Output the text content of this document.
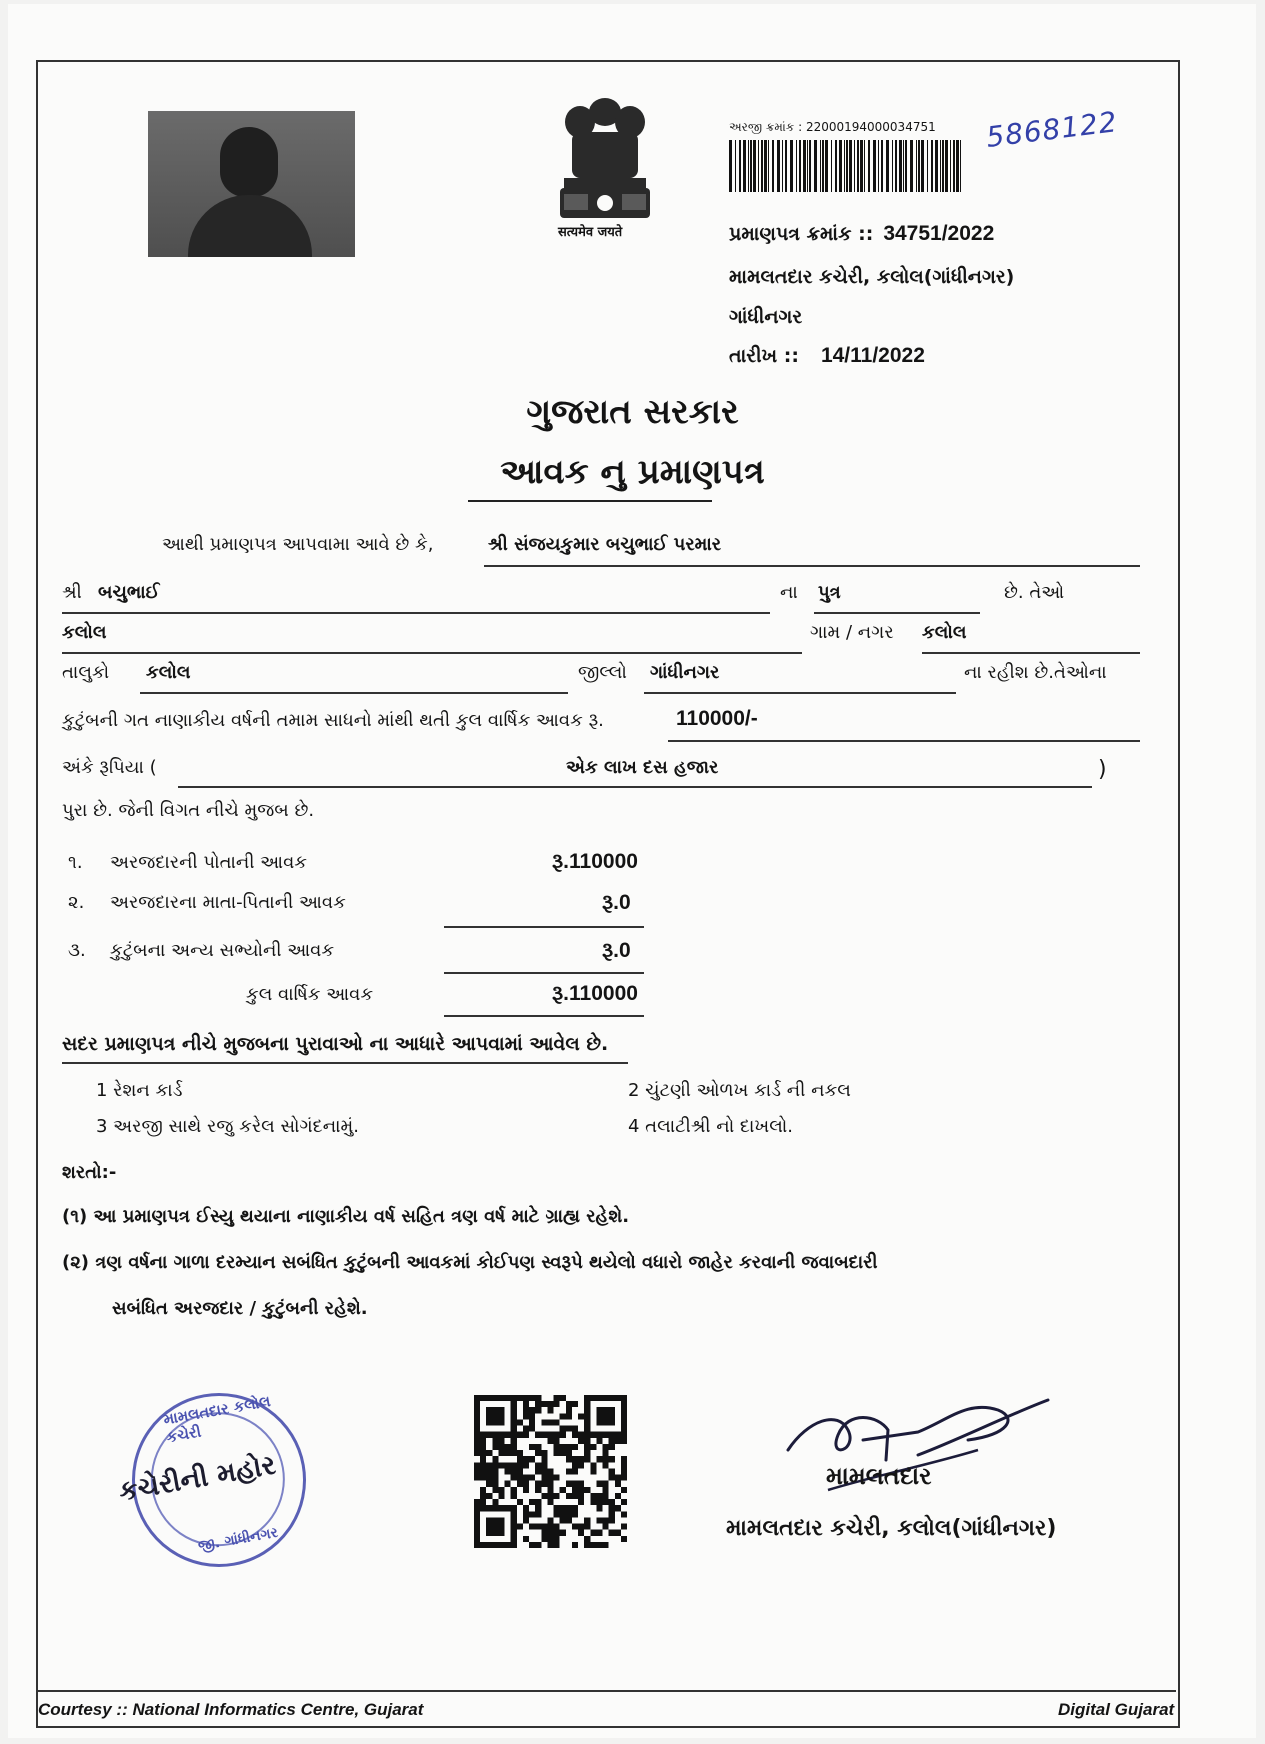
सत्यमेव जयते
અરજી ક્રમાંક : 22000194000034751 5868122
પ્રમાણપત્ર ક્રમાંક :: 34751/2022
મામલતદાર કચેરી, કલોલ(ગાંધીનગર)
ગાંધીનગર
તારીખ :: 14/11/2022
ગુજરાત સરકાર
આવક નુ પ્રમાણપત્ર
આથી પ્રમાણપત્ર આપવામા આવે છે કે,	શ્રી સંજયકુમાર બચુભાઈ પરમાર
શ્રી બચુભાઈ	ના પુત્ર	છે. તેઓ
કલોલ	ગામ / નગર કલોલ
તાલુકો કલોલ	જીલ્લો ગાંધીનગર	ના રહીશ છે.તેઓના
કુટુંબની ગત નાણાકીય વર્ષની તમામ સાધનો માંથી થતી કુલ વાર્ષિક આવક રૂ.	110000/-
અંકે રૂપિયા (	એક લાખ દસ હજાર	)
પુરા છે. જેની વિગત નીચે મુજબ છે.
૧. અરજદારની પોતાની આવક	રૂ.110000
૨. અરજદારના માતા-પિતાની આવક	રૂ.0
૩. કુટુંબના અન્ય સભ્યોની આવક	રૂ.0
કુલ વાર્ષિક આવક	રૂ.110000
સદર પ્રમાણપત્ર નીચે મુજબના પુરાવાઓ ના આધારે આપવામાં આવેલ છે.
1 રેશન કાર્ડ	2 ચુંટણી ઓળખ કાર્ડ ની નકલ
3 અરજી સાથે રજુ કરેલ સોગંદનામું.	4 તલાટીશ્રી નો દાખલો.
શરતો:-
(૧) આ પ્રમાણપત્ર ઈસ્યુ થયાના નાણાકીય વર્ષ સહિત ત્રણ વર્ષ માટે ગ્રાહ્ય રહેશે.
(૨) ત્રણ વર્ષના ગાળા દરમ્યાન સબંધિત કુટુંબની આવકમાં કોઈપણ સ્વરૂપે થયેલો વધારો જાહેર કરવાની જવાબદારી
સબંધિત અરજદાર / કુટુંબની રહેશે.
મામલતદાર કલોલ કચેરી
જી. ગાંધીનગર
કચેરીની મહોર	મામલતદાર
મામલતદાર કચેરી, કલોલ(ગાંધીનગર)
Courtesy :: National Informatics Centre, Gujarat	Digital Gujarat
